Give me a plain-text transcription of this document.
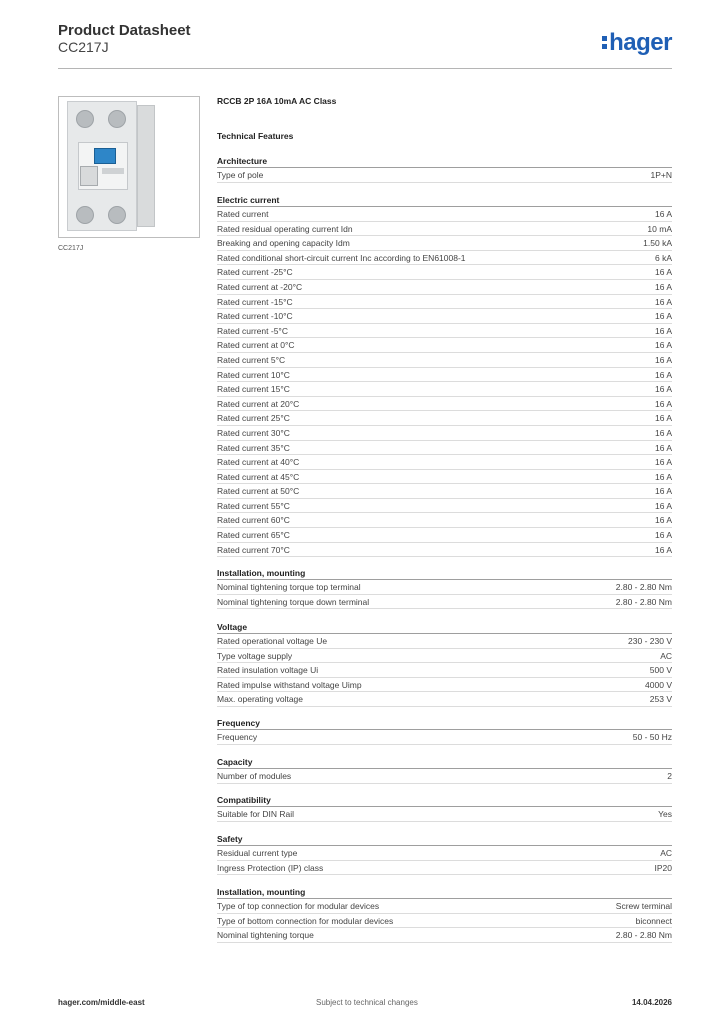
Product Datasheet
CC217J	hager
CC217J
RCCB 2P 16A 10mA AC Class
Technical Features
Architecture
Type of pole	1P+N
Electric current
Rated current	16 A
Rated residual operating current Idn	10 mA
Breaking and opening capacity Idm	1.50 kA
Rated conditional short-circuit current Inc according to EN61008-1	6 kA
Rated current -25°C	16 A
Rated current at -20°C	16 A
Rated current -15°C	16 A
Rated current -10°C	16 A
Rated current -5°C	16 A
Rated current at 0°C	16 A
Rated current 5°C	16 A
Rated current 10°C	16 A
Rated current 15°C	16 A
Rated current at 20°C	16 A
Rated current 25°C	16 A
Rated current 30°C	16 A
Rated current 35°C	16 A
Rated current at 40°C	16 A
Rated current at 45°C	16 A
Rated current at 50°C	16 A
Rated current 55°C	16 A
Rated current 60°C	16 A
Rated current 65°C	16 A
Rated current 70°C	16 A
Installation, mounting
Nominal tightening torque top terminal	2.80 - 2.80 Nm
Nominal tightening torque down terminal	2.80 - 2.80 Nm
Voltage
Rated operational voltage Ue	230 - 230 V
Type voltage supply	AC
Rated insulation voltage Ui	500 V
Rated impulse withstand voltage Uimp	4000 V
Max. operating voltage	253 V
Frequency
Frequency	50 - 50 Hz
Capacity
Number of modules	2
Compatibility
Suitable for DIN Rail	Yes
Safety
Residual current type	AC
Ingress Protection (IP) class	IP20
Installation, mounting
Type of top connection for modular devices	Screw terminal
Type of bottom connection for modular devices	biconnect
Nominal tightening torque	2.80 - 2.80 Nm
hager.com/middle-east	Subject to technical changes	14.04.2026
